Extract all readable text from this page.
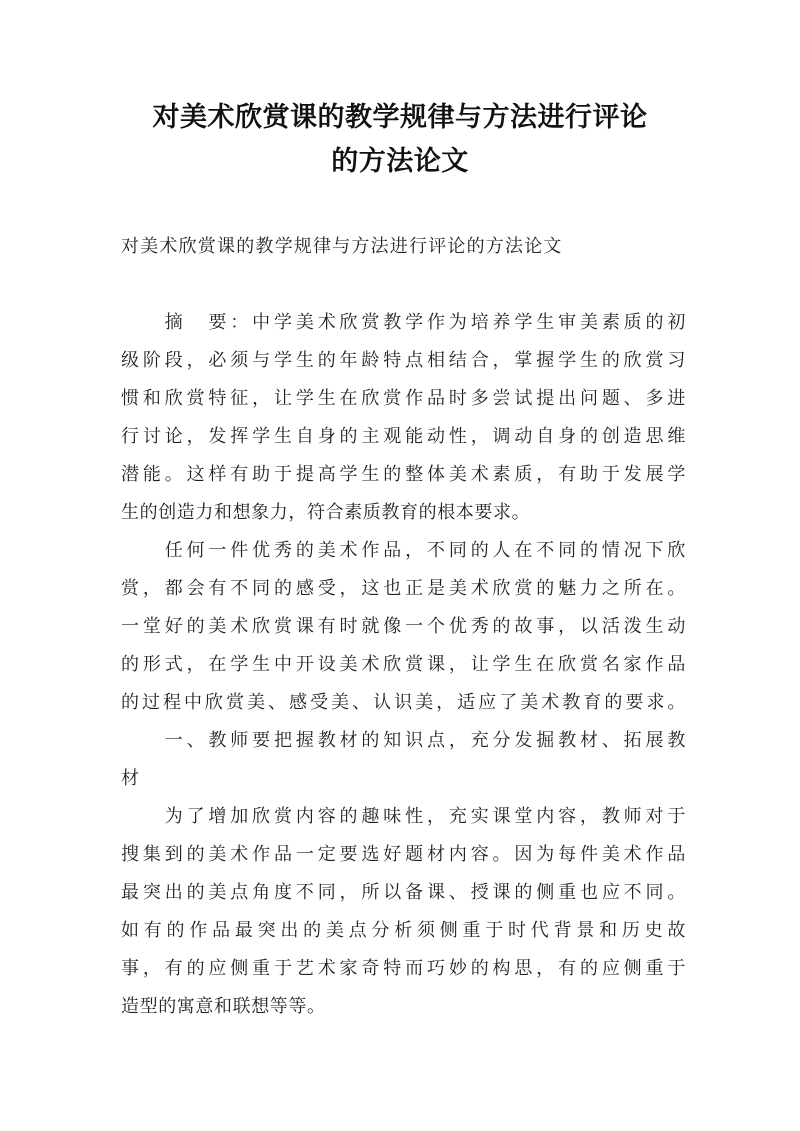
对美术欣赏课的教学规律与方法进行评论
的方法论文
对美术欣赏课的教学规律与方法进行评论的方法论文
　　摘　要：中学美术欣赏教学作为培养学生审美素质的初
级阶段，必须与学生的年龄特点相结合，掌握学生的欣赏习
惯和欣赏特征，让学生在欣赏作品时多尝试提出问题、多进
行讨论，发挥学生自身的主观能动性，调动自身的创造思维
潜能。这样有助于提高学生的整体美术素质，有助于发展学
生的创造力和想象力，符合素质教育的根本要求。
　　任何一件优秀的美术作品，不同的人在不同的情况下欣
赏，都会有不同的感受，这也正是美术欣赏的魅力之所在。
一堂好的美术欣赏课有时就像一个优秀的故事，以活泼生动
的形式，在学生中开设美术欣赏课，让学生在欣赏名家作品
的过程中欣赏美、感受美、认识美，适应了美术教育的要求。
　　一、教师要把握教材的知识点，充分发掘教材、拓展教
材
　　为了增加欣赏内容的趣味性，充实课堂内容，教师对于
搜集到的美术作品一定要选好题材内容。因为每件美术作品
最突出的美点角度不同，所以备课、授课的侧重也应不同。
如有的作品最突出的美点分析须侧重于时代背景和历史故
事，有的应侧重于艺术家奇特而巧妙的构思，有的应侧重于
造型的寓意和联想等等。
